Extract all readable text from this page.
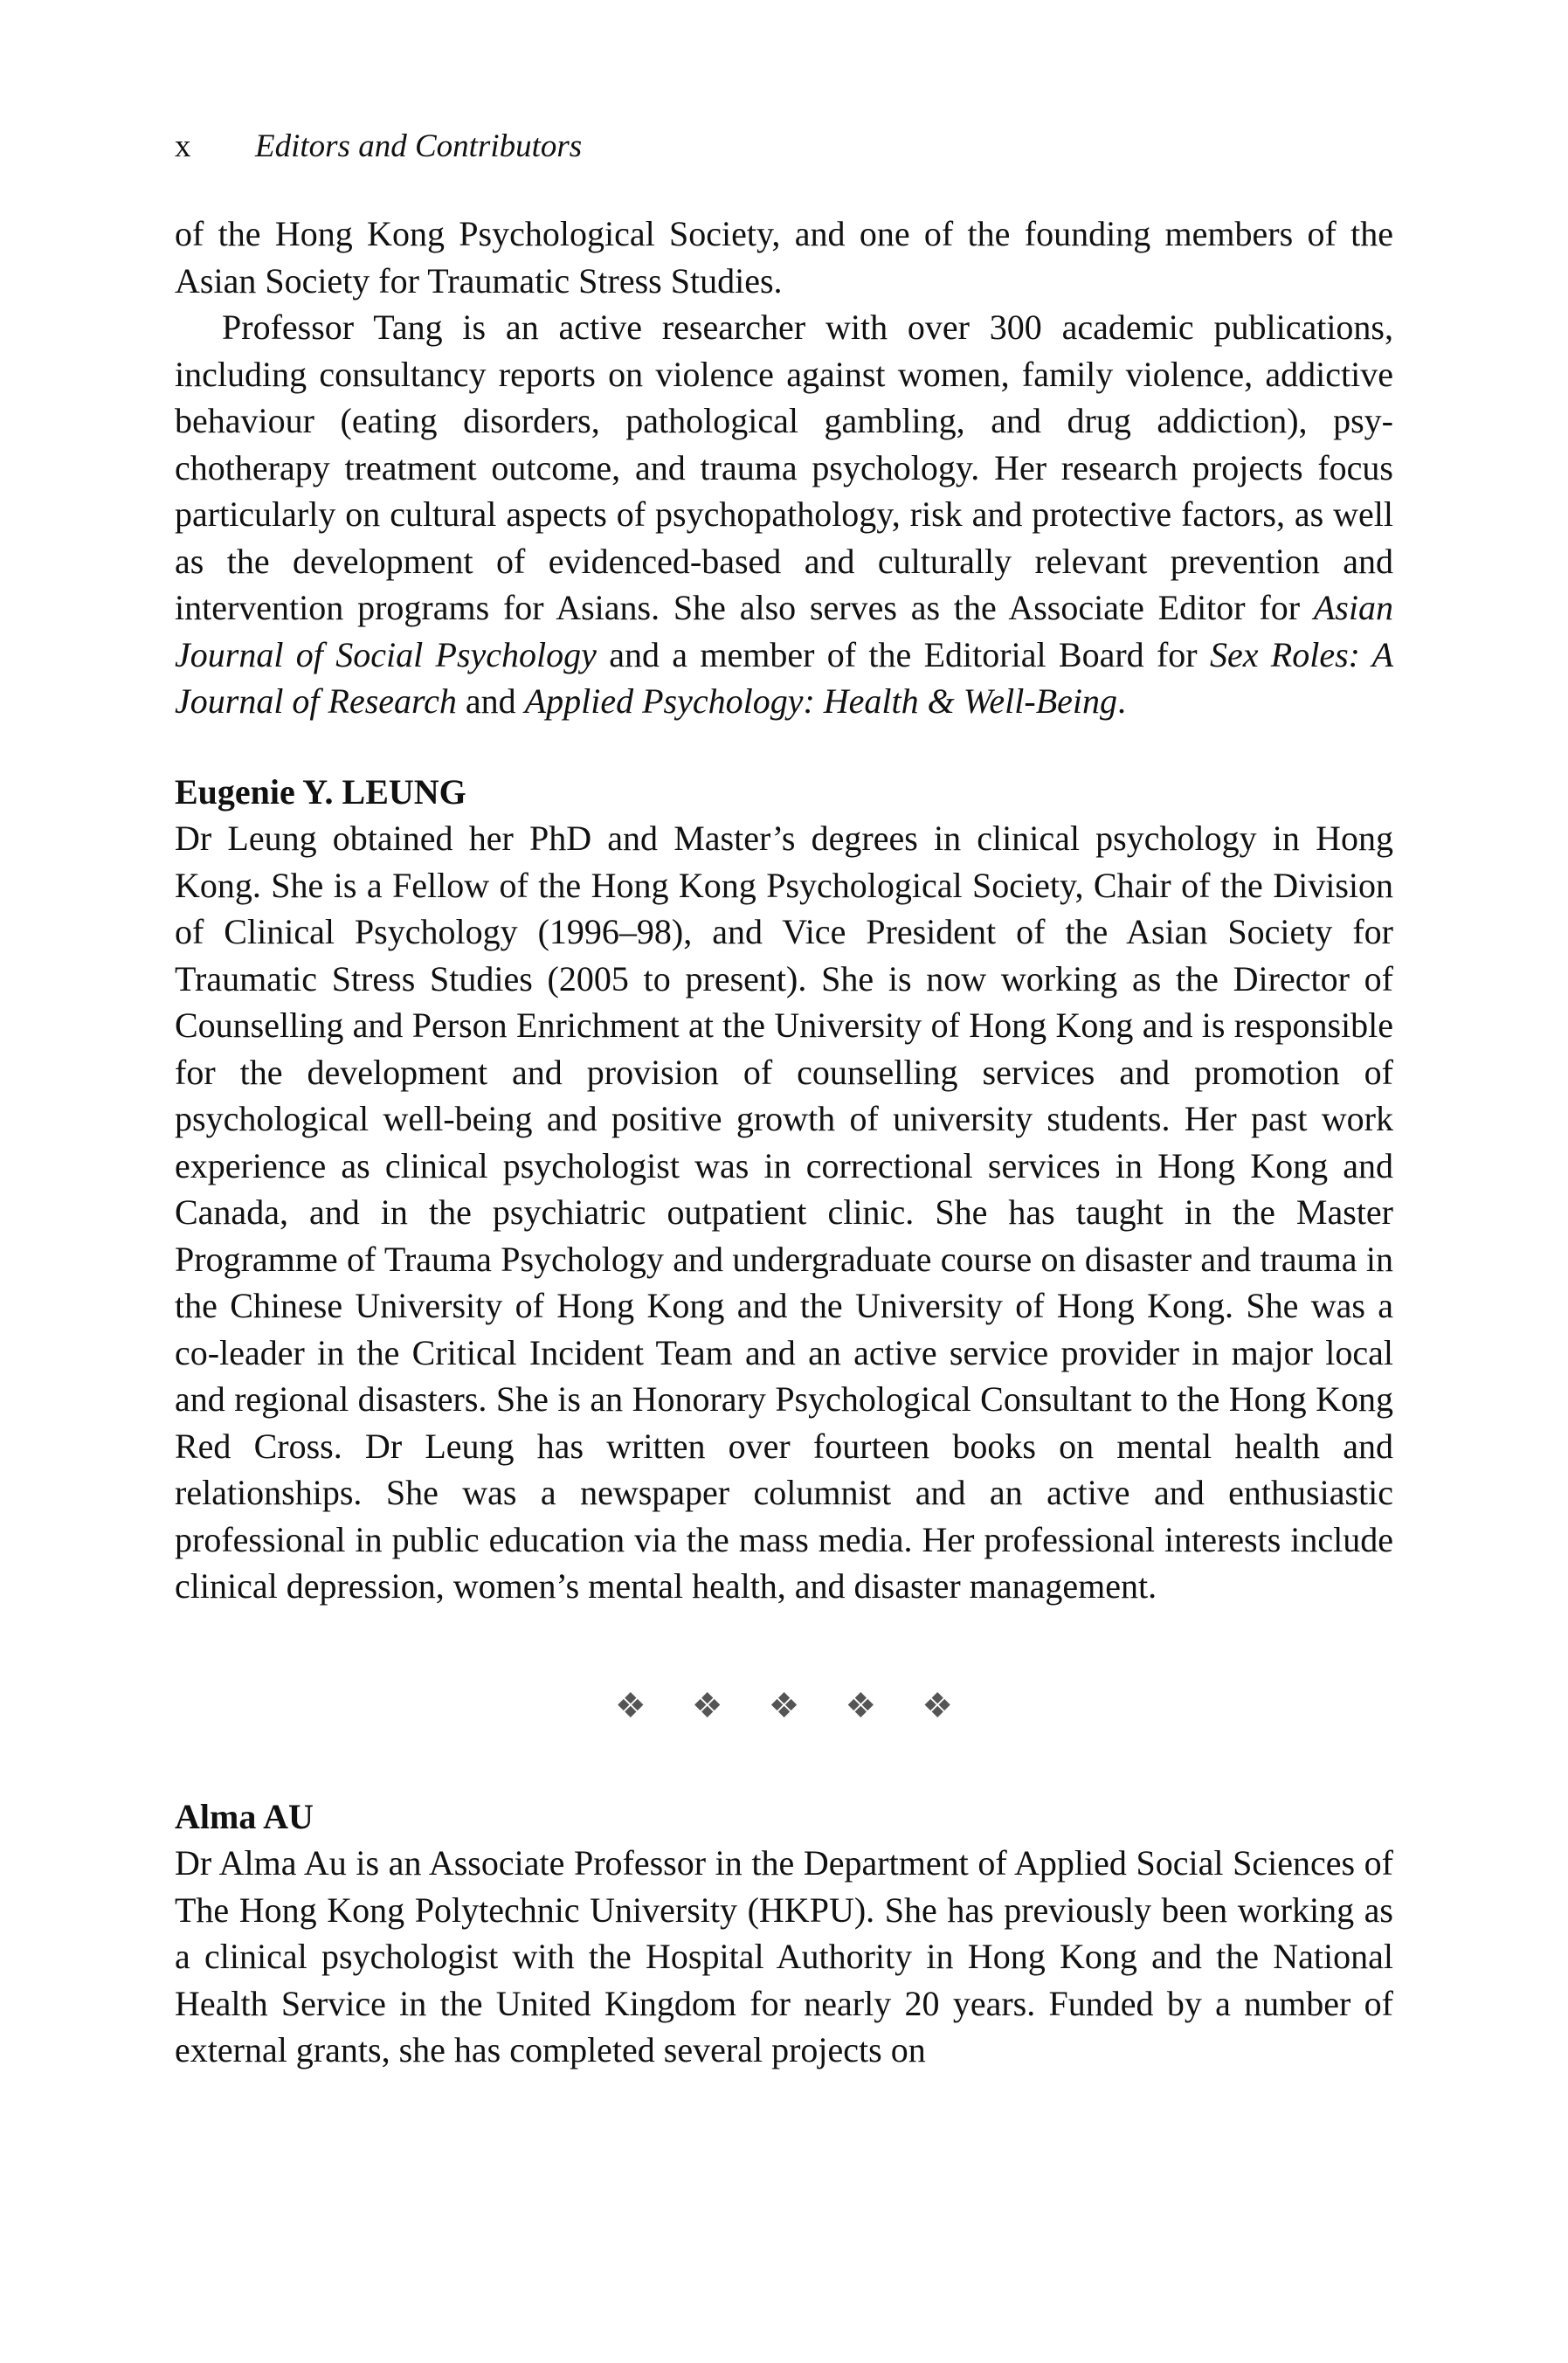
x Editors and Contributors

of the Hong Kong Psychological Society, and one of the founding members of the Asian Society for Traumatic Stress Studies.

Professor Tang is an active researcher with over 300 academic publications, including consultancy reports on violence against women, family violence, addictive behaviour (eating disorders, pathological gambling, and drug addiction), psychotherapy treatment outcome, and trauma psychology. Her research projects focus particularly on cultural aspects of psychopathology, risk and protective factors, as well as the development of evidenced-based and culturally relevant prevention and intervention programs for Asians. She also serves as the Associate Editor for Asian Journal of Social Psychology and a member of the Editorial Board for Sex Roles: A Journal of Research and Applied Psychology: Health & Well-Being.

Eugenie Y. LEUNG

Dr Leung obtained her PhD and Master’s degrees in clinical psychology in Hong Kong. She is a Fellow of the Hong Kong Psychological Society, Chair of the Division of Clinical Psychology (1996–98), and Vice President of the Asian Society for Traumatic Stress Studies (2005 to present). She is now working as the Director of Counselling and Person Enrichment at the University of Hong Kong and is responsible for the development and provision of counselling services and promotion of psychological well-being and positive growth of university students. Her past work experience as clinical psychologist was in correctional services in Hong Kong and Canada, and in the psychiatric outpatient clinic. She has taught in the Master Programme of Trauma Psychology and undergraduate course on disaster and trauma in the Chinese University of Hong Kong and the University of Hong Kong. She was a co-leader in the Critical Incident Team and an active service provider in major local and regional disasters. She is an Honorary Psychological Consultant to the Hong Kong Red Cross. Dr Leung has written over fourteen books on mental health and relationships. She was a newspaper columnist and an active and enthusiastic professional in public education via the mass media. Her professional interests include clinical depression, women’s mental health, and disaster management.

❖❖❖❖❖
Alma AU

Dr Alma Au is an Associate Professor in the Department of Applied Social Sciences of The Hong Kong Polytechnic University (HKPU). She has previously been working as a clinical psychologist with the Hospital Authority in Hong Kong and the National Health Service in the United Kingdom for nearly 20 years. Funded by a number of external grants, she has completed several projects on
